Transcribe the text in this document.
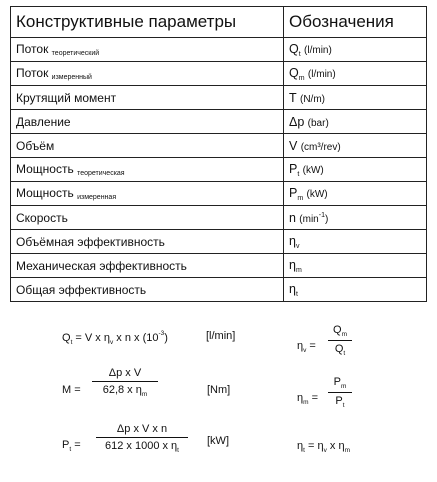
Конструктивные параметры	Обозначения
Поток $_{теоретический}$	$Q_t$ (l/min)
Поток $_{измеренный}$	$Q_m$ (l/min)
Крутящий момент	T (N/m)
Давление	Δp (bar)
Объём	V (cm³/rev)
Мощность $_{теоретическая}$	$P_t$ (kW)
Мощность $_{измеренная}$	$P_m$ (kW)
Скорость	n $(\min^{-1})$
Объёмная эффективность	$\eta_v$
Механическая эффективность	$\eta_m$
Общая эффективность	$\eta_t$
$Q_t = V$ x $\eta_v$ x n x $(10^{-3})$	[l/min]
$M = \frac{\text{Δp x V}}{62,8 x \eta_m}$	[Nm]
$P_t = \frac{\text{Δp x V x n}}{612 x 1000 x \eta_t} [kW]$
$\eta_v = \frac{Q_m}{Q_t}$
$\eta_m = \frac{P_m}{P_t}$
$\eta_t = \eta_v$ x $\eta_m$
